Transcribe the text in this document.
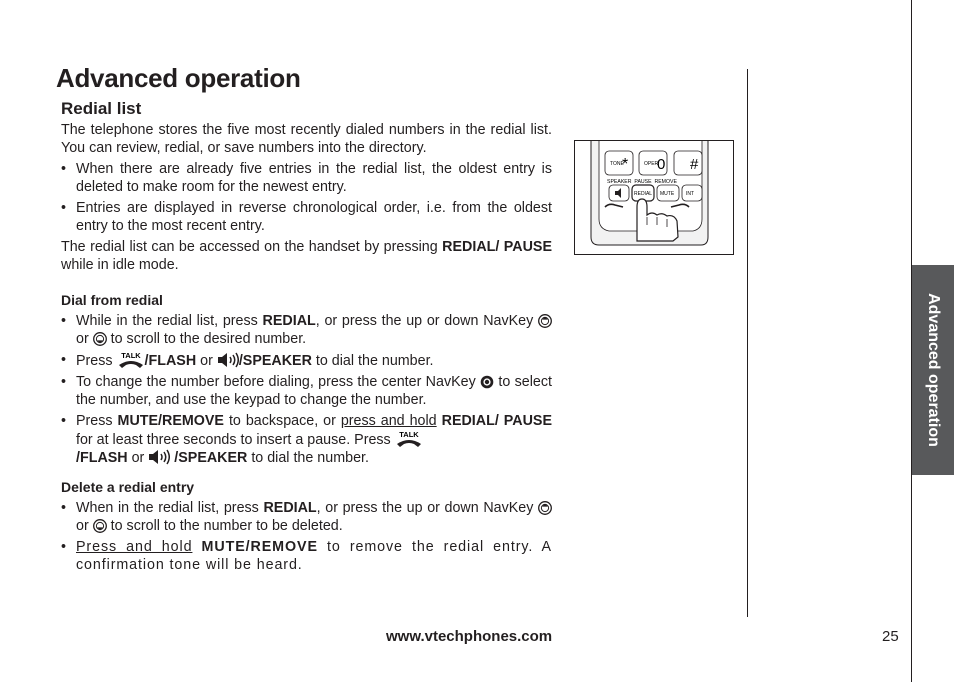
Advanced operation
Redial list

The telephone stores the five most recently dialed numbers in the redial list. You can review, redial, or save numbers into the directory.

• When there are already five entries in the redial list, the oldest entry is deleted to make room for the newest entry.
• Entries are displayed in reverse chronological order, i.e. from the oldest entry to the most recent entry.

The redial list can be accessed on the handset by pressing REDIAL/ PAUSE while in idle mode.

Dial from redial
• While in the redial list, press REDIAL, or press the up or down NavKey  or  to scroll to the desired number.
• Press TALK /FLASH or /SPEAKER to dial the number.
• To change the number before dialing, press the center NavKey  to select the number, and use the keypad to change the number.
• Press MUTE/REMOVE to backspace, or press and hold REDIAL/ PAUSE for at least three seconds to insert a pause. Press TALK

/FLASH or  /SPEAKER to dial the number.
Delete a redial entry
• When in the redial list, press REDIAL, or press the up or down NavKey  or  to scroll to the number to be deleted.
• Press and hold MUTE/REMOVE to remove the redial entry. A confirmation tone will be heard.
TONE
*	OPER
0 #
SPEAKER  PAUSE  REMOVE
REDIAL MUTE INT
Advanced operation
www.vtechphones.com	25
